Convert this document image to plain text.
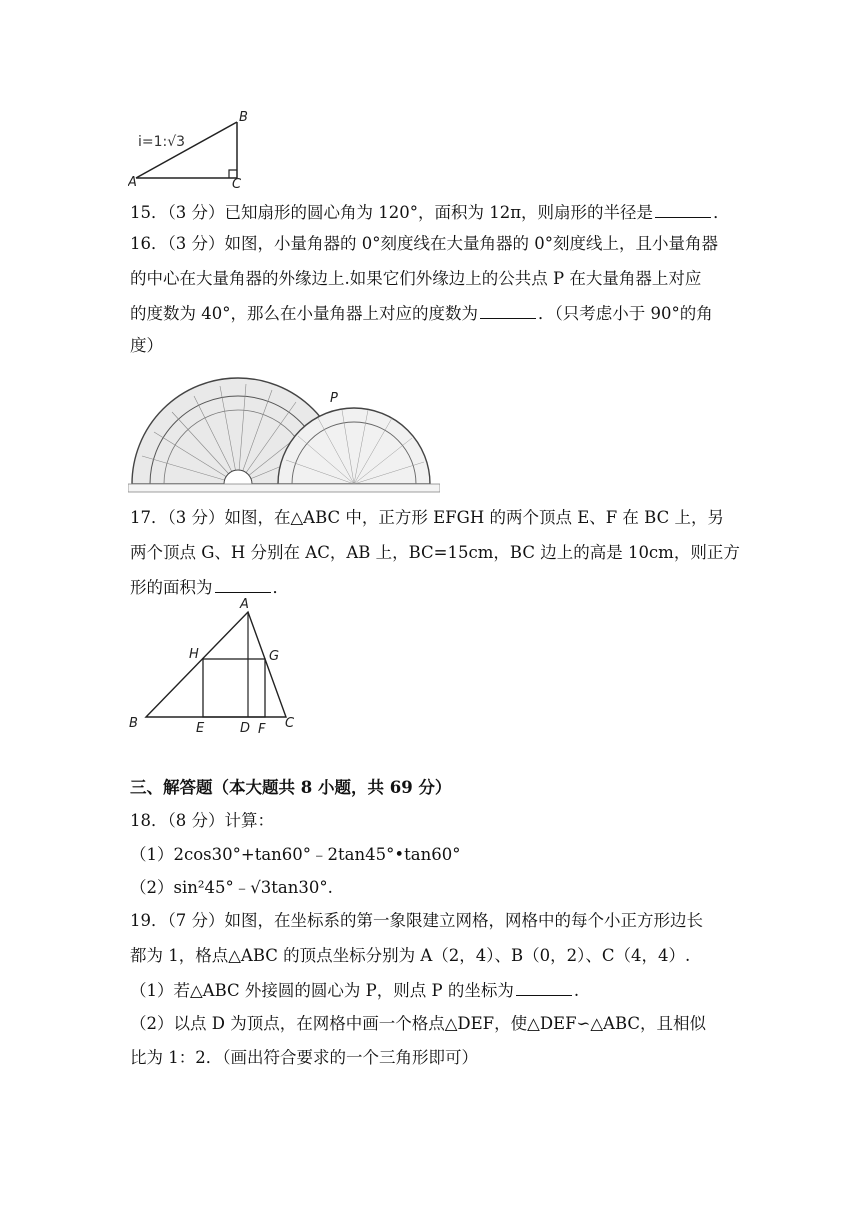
i=1:√3
A
B
C
15．（3 分）已知扇形的圆心角为 120°，面积为 12π，则扇形的半径是	．
16．（3 分）如图，小量角器的 0°刻度线在大量角器的 0°刻度线上，且小量角器
的中心在大量角器的外缘边上.如果它们外缘边上的公共点 P 在大量角器上对应
的度数为 40°，那么在小量角器上对应的度数为	．（只考虑小于 90°的角
度）
P
17．（3 分）如图，在△ABC 中，正方形 EFGH 的两个顶点 E、F 在 BC 上，另
两个顶点 G、H 分别在 AC，AB 上，BC=15cm，BC 边上的高是 10cm，则正方
形的面积为	．
A
B	C
D
E	F
G
H
三、解答题（本大题共 8 小题，共 69 分）
18．（8 分）计算：
（1）2cos30°+tan60°﹣2tan45°•tan60°
（2）sin²45°﹣√3tan30°.
19．（7 分）如图，在坐标系的第一象限建立网格，网格中的每个小正方形边长
都为 1，格点△ABC 的顶点坐标分别为 A（2，4）、B（0，2）、C（4，4）.
（1）若△ABC 外接圆的圆心为 P，则点 P 的坐标为	.
（2）以点 D 为顶点，在网格中画一个格点△DEF，使△DEF∽△ABC，且相似
比为 1：2．（画出符合要求的一个三角形即可）
